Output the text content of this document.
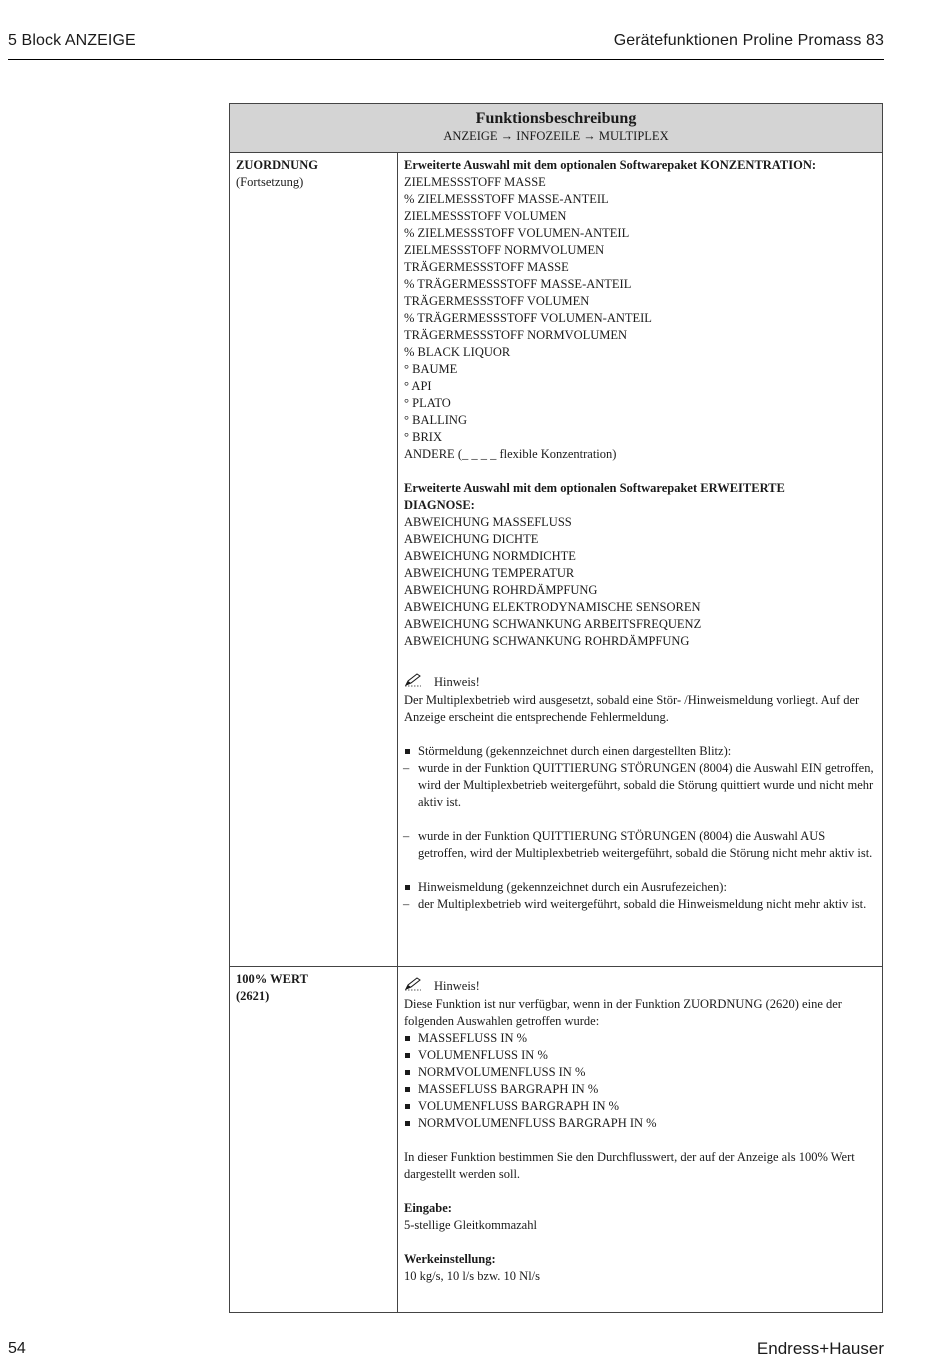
5 Block ANZEIGE	Gerätefunktionen Proline Promass 83
Funktionsbeschreibung
ANZEIGE → INFOZEILE → MULTIPLEX
ZUORDNUNG
(Fortsetzung)
Erweiterte Auswahl mit dem optionalen Softwarepaket KONZENTRATION:
ZIELMESSSTOFF MASSE
% ZIELMESSSTOFF MASSE-ANTEIL
ZIELMESSSTOFF VOLUMEN
% ZIELMESSSTOFF VOLUMEN-ANTEIL
ZIELMESSSTOFF NORMVOLUMEN
TRÄGERMESSSTOFF MASSE
% TRÄGERMESSSTOFF MASSE-ANTEIL
TRÄGERMESSSTOFF VOLUMEN
% TRÄGERMESSSTOFF VOLUMEN-ANTEIL
TRÄGERMESSSTOFF NORMVOLUMEN
% BLACK LIQUOR
° BAUME
° API
° PLATO
° BALLING
° BRIX
ANDERE (_ _ _ _ flexible Konzentration)
Erweiterte Auswahl mit dem optionalen Softwarepaket ERWEITERTE
DIAGNOSE:
ABWEICHUNG MASSEFLUSS
ABWEICHUNG DICHTE
ABWEICHUNG NORMDICHTE
ABWEICHUNG TEMPERATUR
ABWEICHUNG ROHRDÄMPFUNG
ABWEICHUNG ELEKTRODYNAMISCHE SENSOREN
ABWEICHUNG SCHWANKUNG ARBEITSFREQUENZ
ABWEICHUNG SCHWANKUNG ROHRDÄMPFUNG
Hinweis!
Der Multiplexbetrieb wird ausgesetzt, sobald eine Stör- /Hinweismeldung vorliegt. Auf der Anzeige erscheint die entsprechende Fehlermeldung.
Störmeldung (gekennzeichnet durch einen dargestellten Blitz):
– wurde in der Funktion QUITTIERUNG STÖRUNGEN (8004) die Auswahl EIN getroffen, wird der Multiplexbetrieb weitergeführt, sobald die Störung quittiert wurde und nicht mehr aktiv ist.
– wurde in der Funktion QUITTIERUNG STÖRUNGEN (8004) die Auswahl AUS getroffen, wird der Multiplexbetrieb weitergeführt, sobald die Störung nicht mehr aktiv ist.
Hinweismeldung (gekennzeichnet durch ein Ausrufezeichen):
– der Multiplexbetrieb wird weitergeführt, sobald die Hinweismeldung nicht mehr aktiv ist.
100% WERT
(2621)
Hinweis!
Diese Funktion ist nur verfügbar, wenn in der Funktion ZUORDNUNG (2620) eine der folgenden Auswahlen getroffen wurde:
MASSEFLUSS IN %
VOLUMENFLUSS IN %
NORMVOLUMENFLUSS IN %
MASSEFLUSS BARGRAPH IN %
VOLUMENFLUSS BARGRAPH IN %
NORMVOLUMENFLUSS BARGRAPH IN %
In dieser Funktion bestimmen Sie den Durchflusswert, der auf der Anzeige als 100% Wert dargestellt werden soll.
Eingabe:
5-stellige Gleitkommazahl
Werkeinstellung:
10 kg/s, 10 l/s bzw. 10 Nl/s
54	Endress+Hauser
